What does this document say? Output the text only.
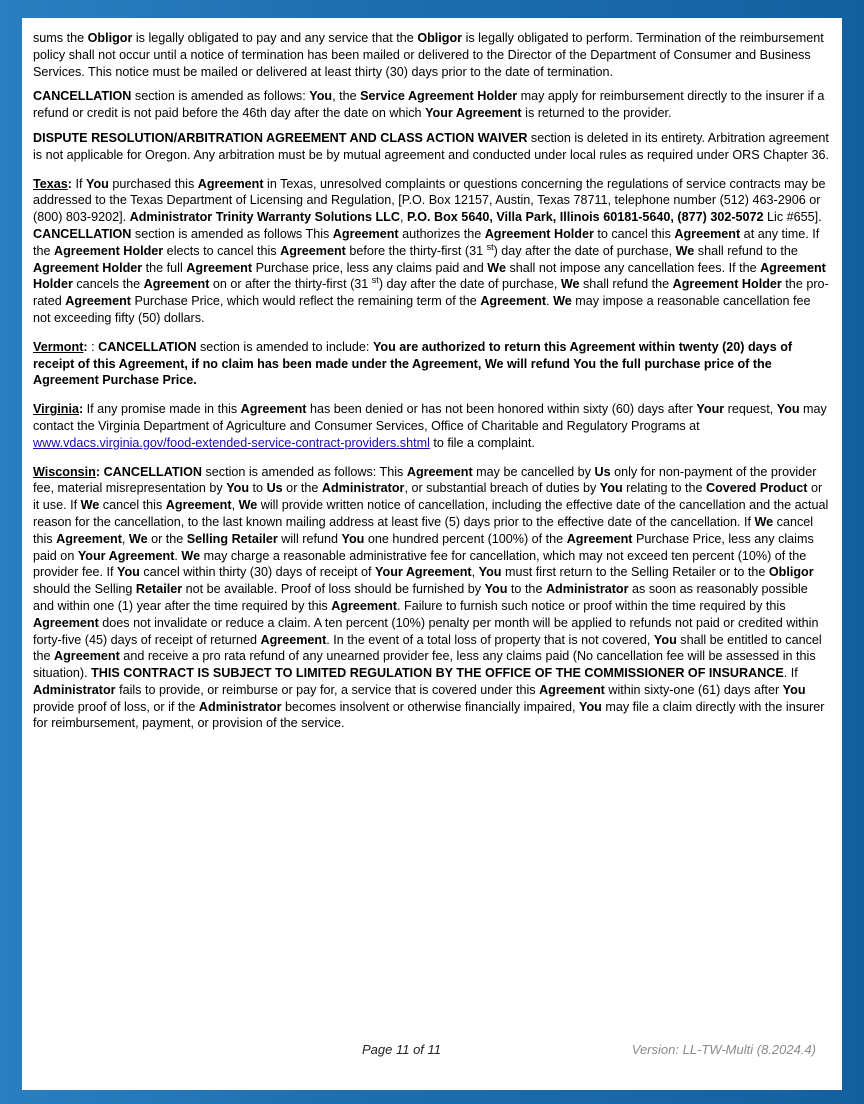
sums the Obligor is legally obligated to pay and any service that the Obligor is legally obligated to perform. Termination of the reimbursement policy shall not occur until a notice of termination has been mailed or delivered to the Director of the Department of Consumer and Business Services. This notice must be mailed or delivered at least thirty (30) days prior to the date of termination.

CANCELLATION section is amended as follows: You, the Service Agreement Holder may apply for reimbursement directly to the insurer if a refund or credit is not paid before the 46th day after the date on which Your Agreement is returned to the provider.

DISPUTE RESOLUTION/ARBITRATION AGREEMENT AND CLASS ACTION WAIVER section is deleted in its entirety. Arbitration agreement is not applicable for Oregon. Any arbitration must be by mutual agreement and conducted under local rules as required under ORS Chapter 36.

Texas: If You purchased this Agreement in Texas, unresolved complaints or questions concerning the regulations of service contracts may be addressed to the Texas Department of Licensing and Regulation, [P.O. Box 12157, Austin, Texas 78711, telephone number (512) 463-2906 or (800) 803-9202]. Administrator Trinity Warranty Solutions LLC, P.O. Box 5640, Villa Park, Illinois 60181-5640, (877) 302-5072 Lic #655]. CANCELLATION section is amended as follows This Agreement authorizes the Agreement Holder to cancel this Agreement at any time. If the Agreement Holder elects to cancel this Agreement before the thirty-first (31 $^{st}$) day after the date of purchase, We shall refund to the Agreement Holder the full Agreement Purchase price, less any claims paid and We shall not impose any cancellation fees. If the Agreement Holder cancels the Agreement on or after the thirty-first (31 $^{st}$) day after the date of purchase, We shall refund the Agreement Holder the pro-rated Agreement Purchase Price, which would reflect the remaining term of the Agreement. We may impose a reasonable cancellation fee not exceeding fifty (50) dollars.

Vermont: : CANCELLATION section is amended to include: You are authorized to return this Agreement within twenty (20) days of receipt of this Agreement, if no claim has been made under the Agreement, We will refund You the full purchase price of the Agreement Purchase Price.

Virginia: If any promise made in this Agreement has been denied or has not been honored within sixty (60) days after Your request, You may contact the Virginia Department of Agriculture and Consumer Services, Office of Charitable and Regulatory Programs at www.vdacs.virginia.gov/food-extended-service-contract-providers.shtml to file a complaint.

Wisconsin: CANCELLATION section is amended as follows: This Agreement may be cancelled by Us only for non-payment of the provider fee, material misrepresentation by You to Us or the Administrator, or substantial breach of duties by You relating to the Covered Product or it use. If We cancel this Agreement, We will provide written notice of cancellation, including the effective date of the cancellation and the actual reason for the cancellation, to the last known mailing address at least five (5) days prior to the effective date of the cancellation. If We cancel this Agreement, We or the Selling Retailer will refund You one hundred percent (100%) of the Agreement Purchase Price, less any claims paid on Your Agreement. We may charge a reasonable administrative fee for cancellation, which may not exceed ten percent (10%) of the provider fee. If You cancel within thirty (30) days of receipt of Your Agreement, You must first return to the Selling Retailer or to the Obligor should the Selling Retailer not be available. Proof of loss should be furnished by You to the Administrator as soon as reasonably possible and within one (1) year after the time required by this Agreement. Failure to furnish such notice or proof within the time required by this Agreement does not invalidate or reduce a claim. A ten percent (10%) penalty per month will be applied to refunds not paid or credited within forty-five (45) days of receipt of returned Agreement. In the event of a total loss of property that is not covered, You shall be entitled to cancel the Agreement and receive a pro rata refund of any unearned provider fee, less any claims paid (No cancellation fee will be assessed in this situation). THIS CONTRACT IS SUBJECT TO LIMITED REGULATION BY THE OFFICE OF THE COMMISSIONER OF INSURANCE. If Administrator fails to provide, or reimburse or pay for, a service that is covered under this Agreement within sixty-one (61) days after You provide proof of loss, or if the Administrator becomes insolvent or otherwise financially impaired, You may file a claim directly with the insurer for reimbursement, payment, or provision of the service.

Page 11 of 11	Version: LL-TW-Multi (8.2024.4)
